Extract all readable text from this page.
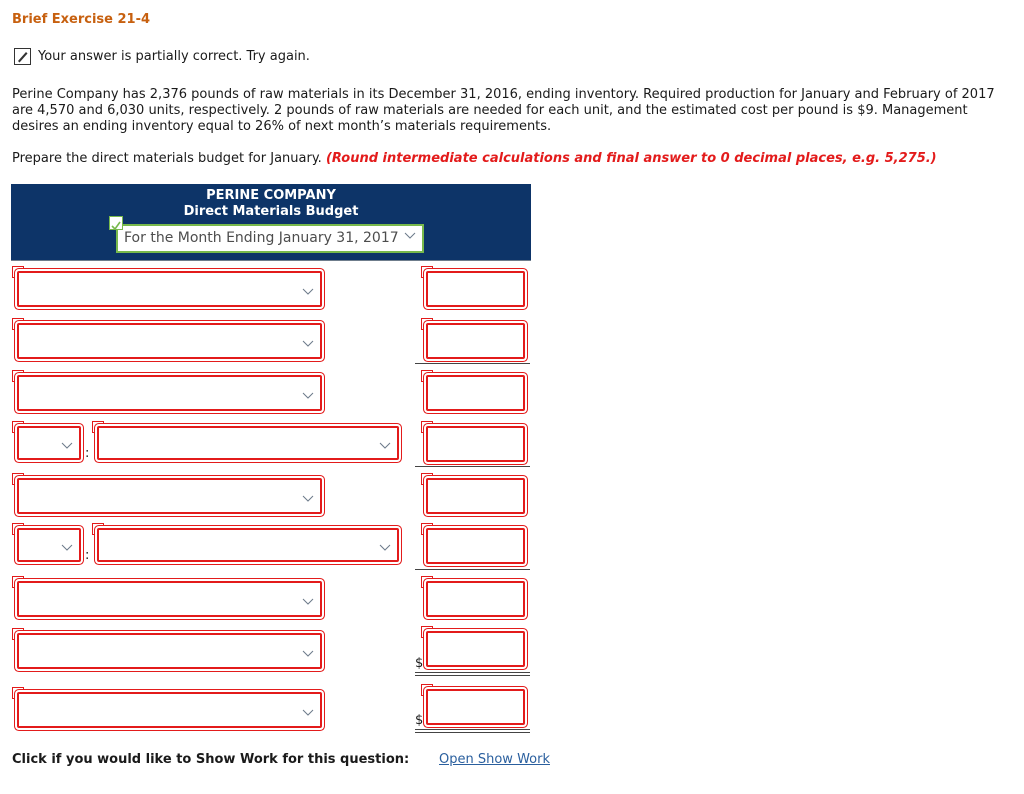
Brief Exercise 21-4
Your answer is partially correct. Try again.
Perine Company has 2,376 pounds of raw materials in its December 31, 2016, ending inventory. Required production for January and February of 2017 are 4,570 and 6,030 units, respectively. 2 pounds of raw materials are needed for each unit, and the estimated cost per pound is $9. Management desires an ending inventory equal to 26% of next month’s materials requirements.
Prepare the direct materials budget for January. (Round intermediate calculations and final answer to 0 decimal places, e.g. 5,275.)
PERINE COMPANY
Direct Materials Budget
For the Month Ending January 31, 2017
:
:
$
$
Click if you would like to Show Work for this question: Open Show Work
